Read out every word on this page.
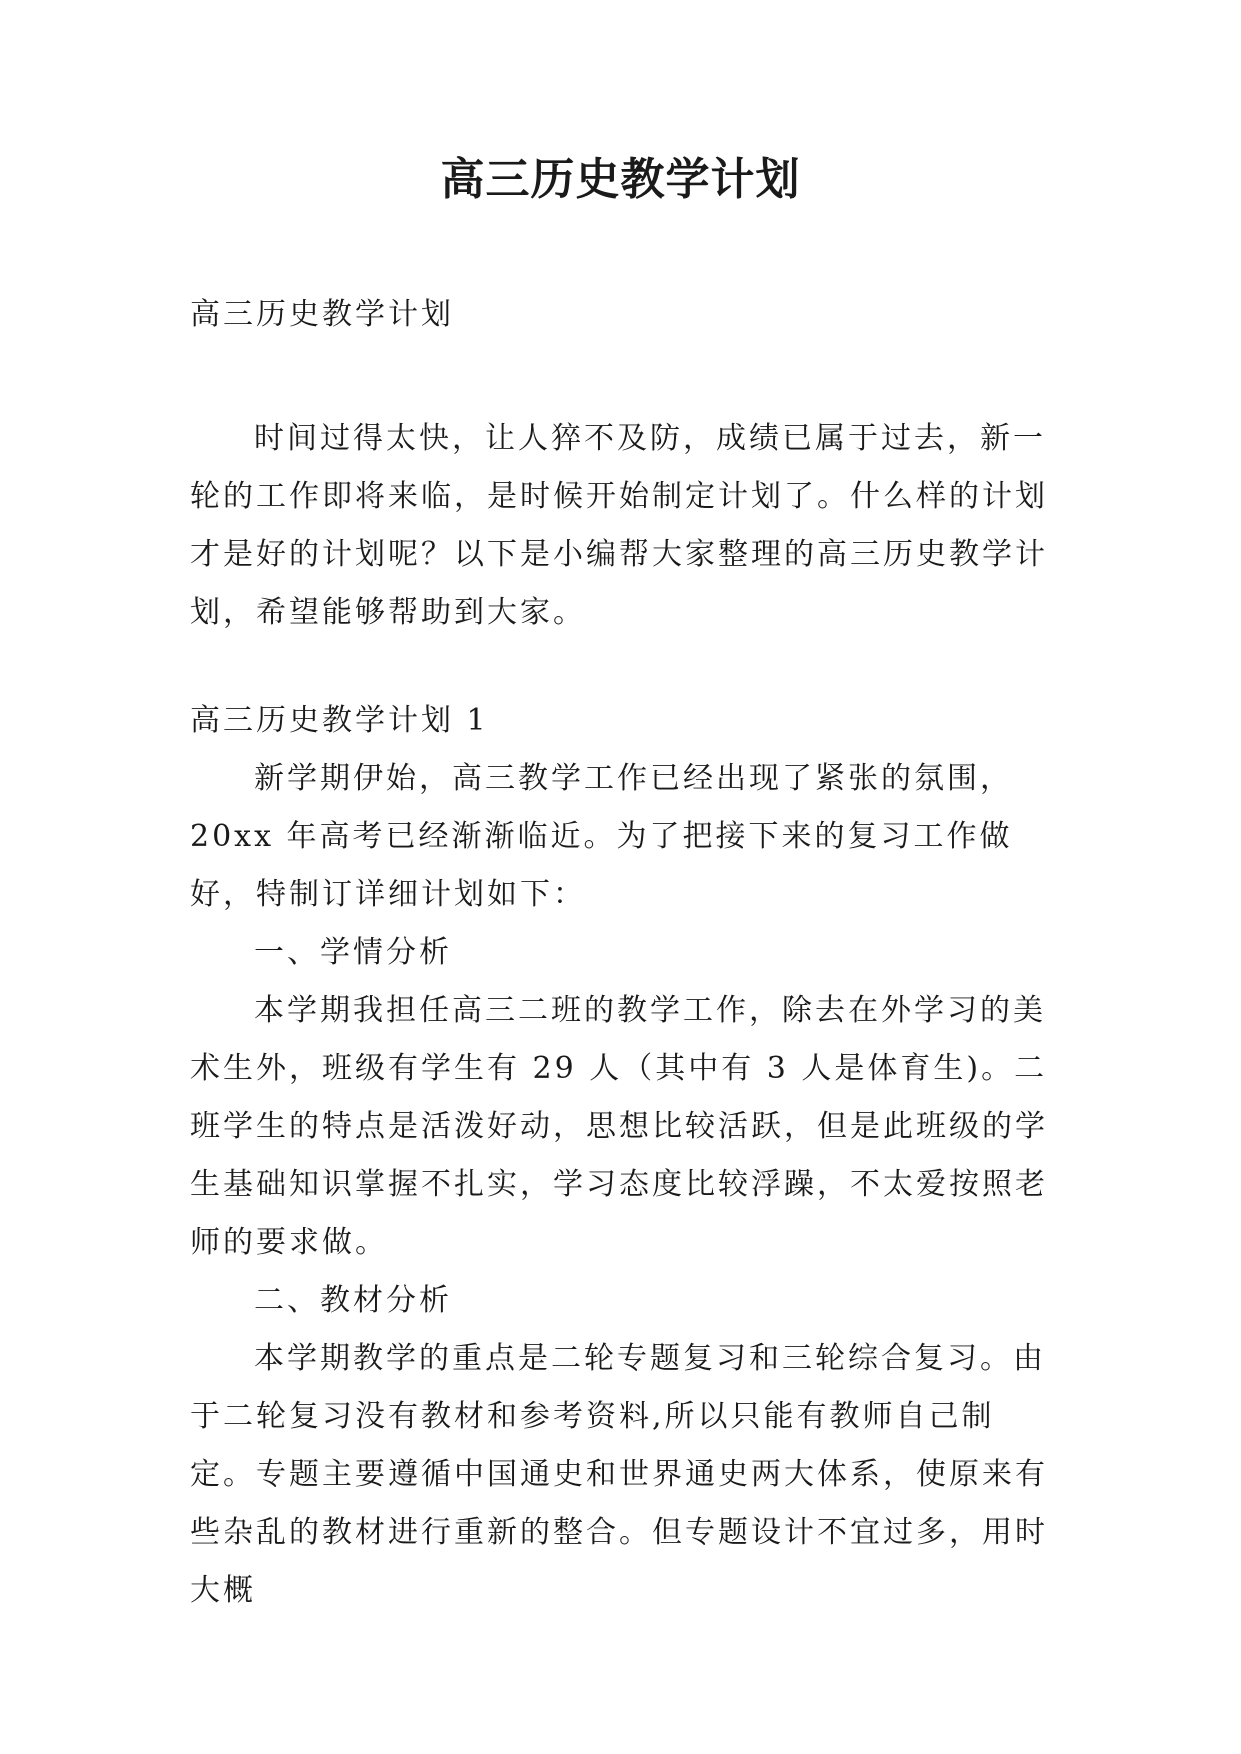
高三历史教学计划

高三历史教学计划

时间过得太快，让人猝不及防，成绩已属于过去，新一轮的工作即将来临，是时候开始制定计划了。什么样的计划才是好的计划呢？以下是小编帮大家整理的高三历史教学计划，希望能够帮助到大家。

高三历史教学计划 1

新学期伊始，高三教学工作已经出现了紧张的氛围，20xx 年高考已经渐渐临近。为了把接下来的复习工作做好，特制订详细计划如下：

一、学情分析

本学期我担任高三二班的教学工作，除去在外学习的美术生外，班级有学生有 29 人（其中有 3 人是体育生)。二班学生的特点是活泼好动，思想比较活跃，但是此班级的学生基础知识掌握不扎实，学习态度比较浮躁，不太爱按照老师的要求做。

二、教材分析

本学期教学的重点是二轮专题复习和三轮综合复习。由于二轮复习没有教材和参考资料,所以只能有教师自己制定。专题主要遵循中国通史和世界通史两大体系，使原来有些杂乱的教材进行重新的整合。但专题设计不宜过多，用时大概
